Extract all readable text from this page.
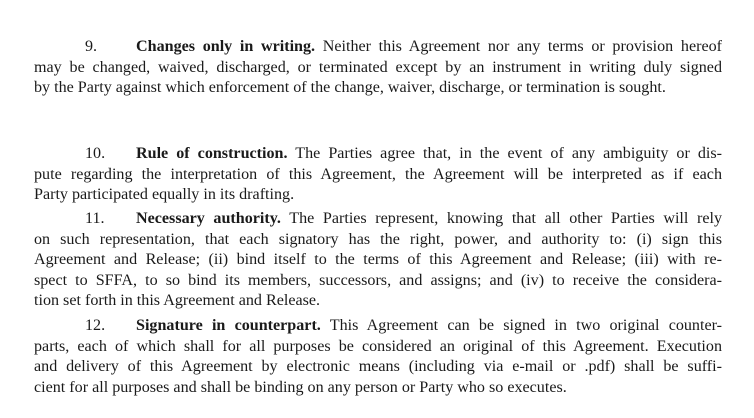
9. Changes only in writing. Neither this Agreement nor any terms or provision hereof
may be changed, waived, discharged, or terminated except by an instrument in writing duly signed
by the Party against which enforcement of the change, waiver, discharge, or termination is sought.
10. Rule of construction. The Parties agree that, in the event of any ambiguity or dis-
pute regarding the interpretation of this Agreement, the Agreement will be interpreted as if each
Party participated equally in its drafting.
11. Necessary authority. The Parties represent, knowing that all other Parties will rely
on such representation, that each signatory has the right, power, and authority to: (i) sign this
Agreement and Release; (ii) bind itself to the terms of this Agreement and Release; (iii) with re-
spect to SFFA, to so bind its members, successors, and assigns; and (iv) to receive the considera-
tion set forth in this Agreement and Release.
12. Signature in counterpart. This Agreement can be signed in two original counter-
parts, each of which shall for all purposes be considered an original of this Agreement. Execution
and delivery of this Agreement by electronic means (including via e-mail or .pdf) shall be suffi-
cient for all purposes and shall be binding on any person or Party who so executes.
